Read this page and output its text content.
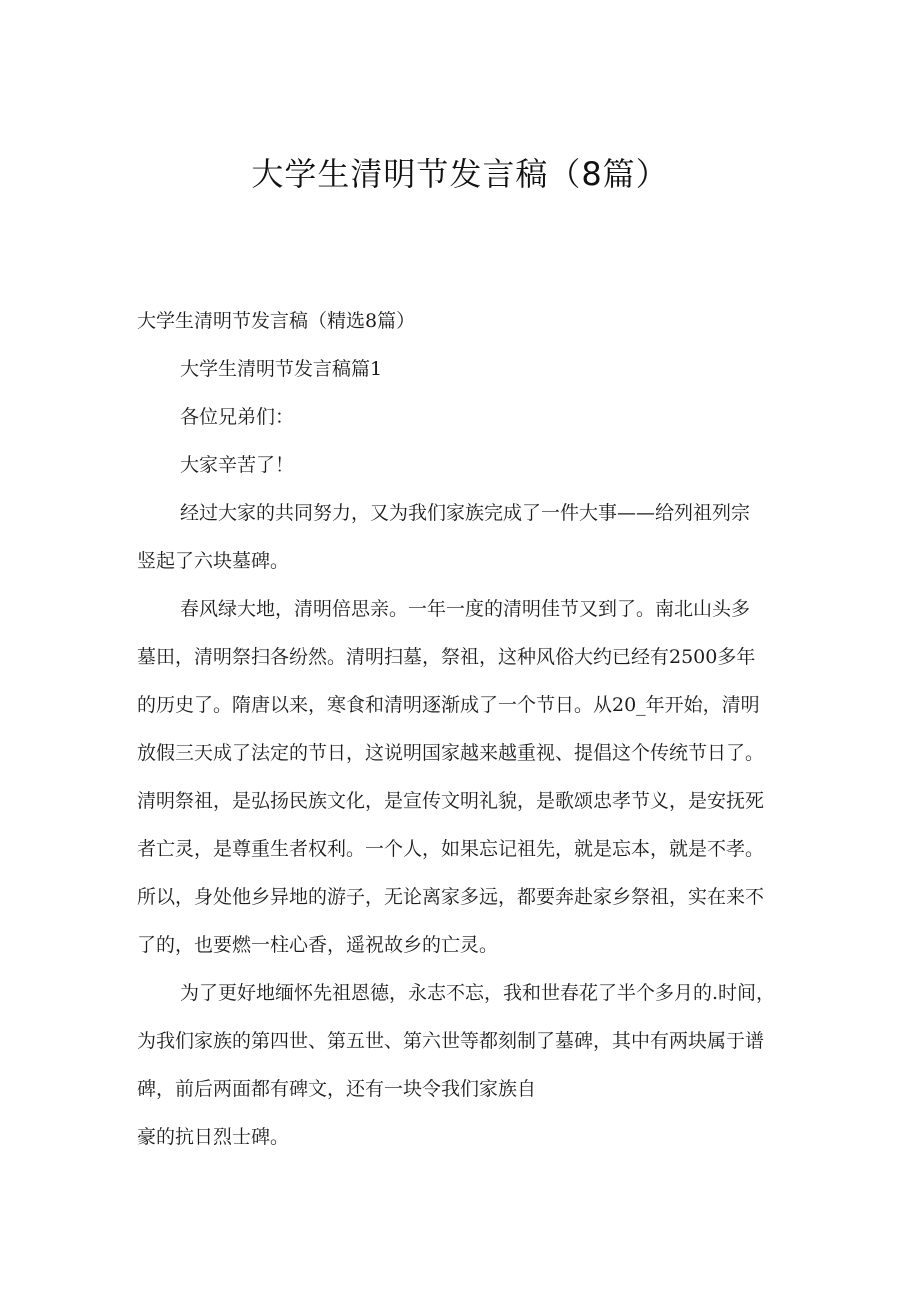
大学生清明节发言稿（8篇）
大学生清明节发言稿（精选8篇）
大学生清明节发言稿篇1
各位兄弟们：
大家辛苦了！
经过大家的共同努力，又为我们家族完成了一件大事——给列祖列宗
竖起了六块墓碑。
春风绿大地，清明倍思亲。一年一度的清明佳节又到了。南北山头多
墓田，清明祭扫各纷然。清明扫墓，祭祖，这种风俗大约已经有2500多年
的历史了。隋唐以来，寒食和清明逐渐成了一个节日。从20_年开始，清明
放假三天成了法定的节日，这说明国家越来越重视、提倡这个传统节日了。
清明祭祖，是弘扬民族文化，是宣传文明礼貌，是歌颂忠孝节义，是安抚死
者亡灵，是尊重生者权利。一个人，如果忘记祖先，就是忘本，就是不孝。
所以，身处他乡异地的游子，无论离家多远，都要奔赴家乡祭祖，实在来不
了的，也要燃一柱心香，遥祝故乡的亡灵。
为了更好地缅怀先祖恩德，永志不忘，我和世春花了半个多月的.时间，
为我们家族的第四世、第五世、第六世等都刻制了墓碑，其中有两块属于谱
碑，前后两面都有碑文，还有一块令我们家族自
豪的抗日烈士碑。
